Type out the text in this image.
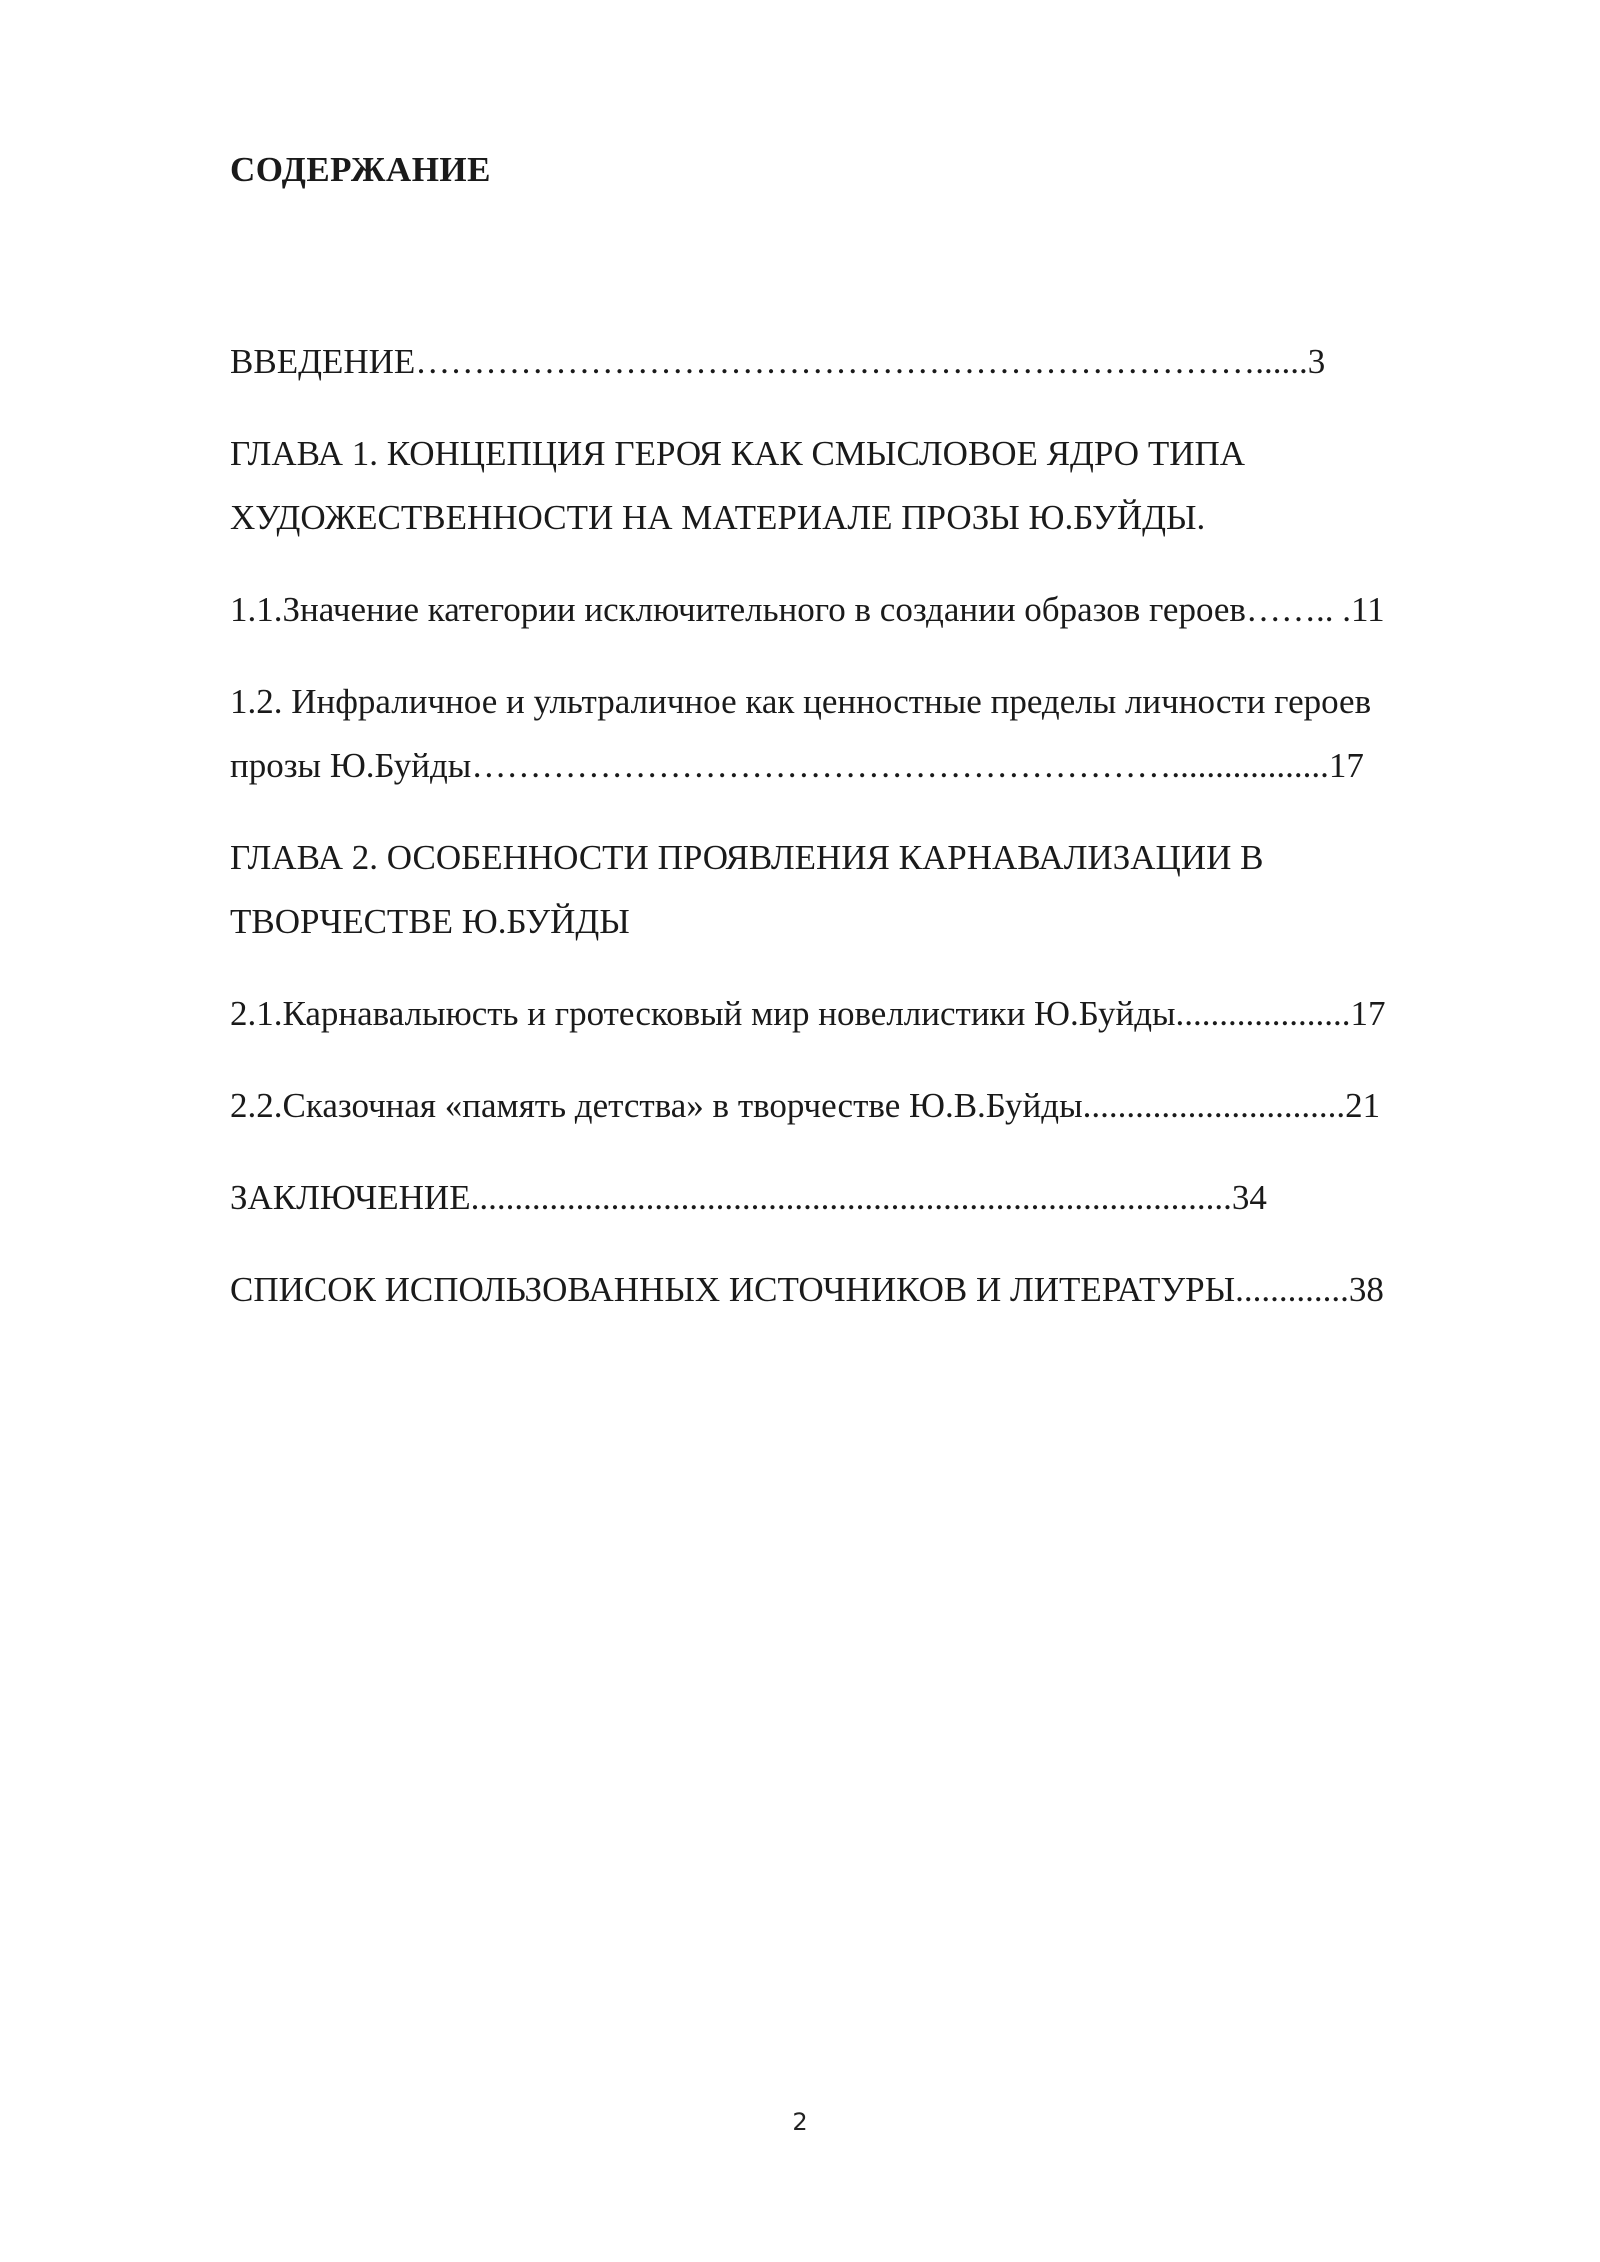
СОДЕРЖАНИЕ
ВВЕДЕНИЕ………………………………………………………………......3
ГЛАВА 1. КОНЦЕПЦИЯ ГЕРОЯ КАК СМЫСЛОВОЕ ЯДРО ТИПА
ХУДОЖЕСТВЕННОСТИ НА МАТЕРИАЛЕ ПРОЗЫ Ю.БУЙДЫ.
1.1.Значение категории исключительного в создании образов героев…….. .11
1.2. Инфраличное и ультраличное как ценностные пределы личности героев
прозы Ю.Буйды……………………………………………………..................17
ГЛАВА 2. ОСОБЕННОСТИ ПРОЯВЛЕНИЯ КАРНАВАЛИЗАЦИИ В
ТВОРЧЕСТВЕ Ю.БУЙДЫ
2.1.Карнавалыюсть и гротесковый мир новеллистики Ю.Буйды....................17
2.2.Сказочная «память детства» в творчестве Ю.В.Буйды..............................21
ЗАКЛЮЧЕНИЕ.......................................................................................34
СПИСОК ИСПОЛЬЗОВАННЫХ ИСТОЧНИКОВ И ЛИТЕРАТУРЫ.............38
2
